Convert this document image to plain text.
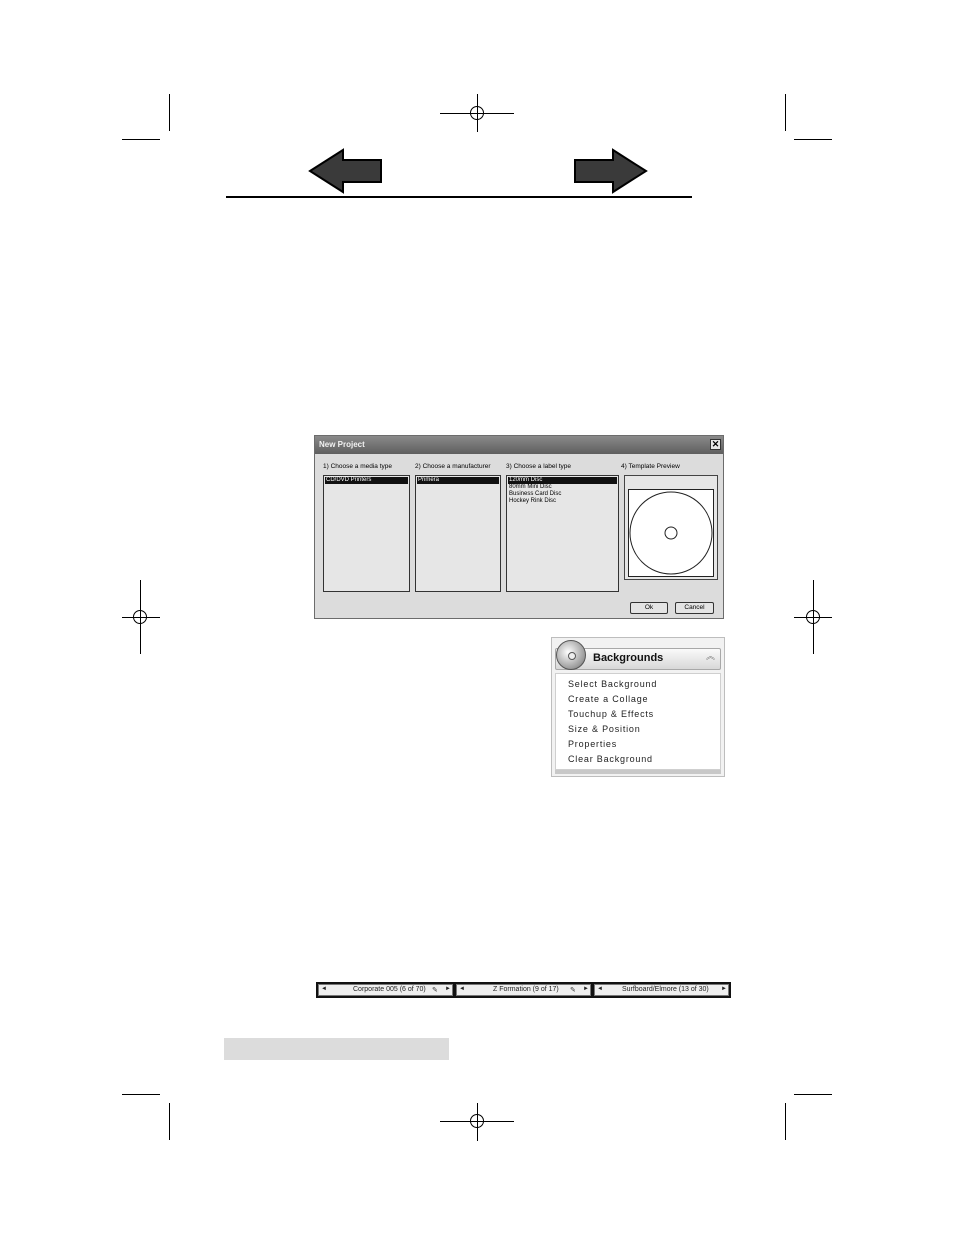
New Project	✕
1) Choose a media type	2) Choose a manufacturer 3) Choose a label type	4) Template Preview
CD/DVD Printers	Primera	120mm Disc
80mm Mini Disc
Business Card Disc
Hockey Rink Disc
Ok	Cancel
Backgrounds	︽
Select Background
Create a Collage
Touchup & Effects
Size & Position
Properties
Clear Background
◄	Corporate 005 (6 of 70) ✎ ► ◄	Z Formation (9 of 17) ✎ ► ◄	Surfboard/Elmore (13 of 30) ►
